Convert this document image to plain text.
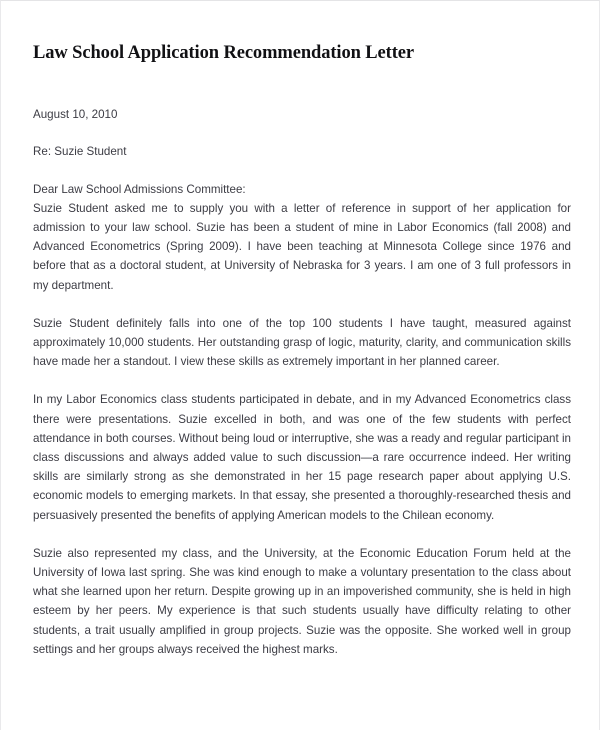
Law School Application Recommendation Letter

August 10, 2010

Re: Suzie Student

Dear Law School Admissions Committee:

Suzie Student asked me to supply you with a letter of reference in support of her application for admission to your law school. Suzie has been a student of mine in Labor Economics (fall 2008) and Advanced Econometrics (Spring 2009). I have been teaching at Minnesota College since 1976 and before that as a doctoral student, at University of Nebraska for 3 years. I am one of 3 full professors in my department.

Suzie Student definitely falls into one of the top 100 students I have taught, measured against approximately 10,000 students. Her outstanding grasp of logic, maturity, clarity, and communication skills have made her a standout. I view these skills as extremely important in her planned career.

In my Labor Economics class students participated in debate, and in my Advanced Econometrics class there were presentations. Suzie excelled in both, and was one of the few students with perfect attendance in both courses. Without being loud or interruptive, she was a ready and regular participant in class discussions and always added value to such discussion—a rare occurrence indeed. Her writing skills are similarly strong as she demonstrated in her 15 page research paper about applying U.S. economic models to emerging markets. In that essay, she presented a thoroughly-researched thesis and persuasively presented the benefits of applying American models to the Chilean economy.

Suzie also represented my class, and the University, at the Economic Education Forum held at the University of Iowa last spring. She was kind enough to make a voluntary presentation to the class about what she learned upon her return. Despite growing up in an impoverished community, she is held in high esteem by her peers. My experience is that such students usually have difficulty relating to other students, a trait usually amplified in group projects. Suzie was the opposite. She worked well in group settings and her groups always received the highest marks.
